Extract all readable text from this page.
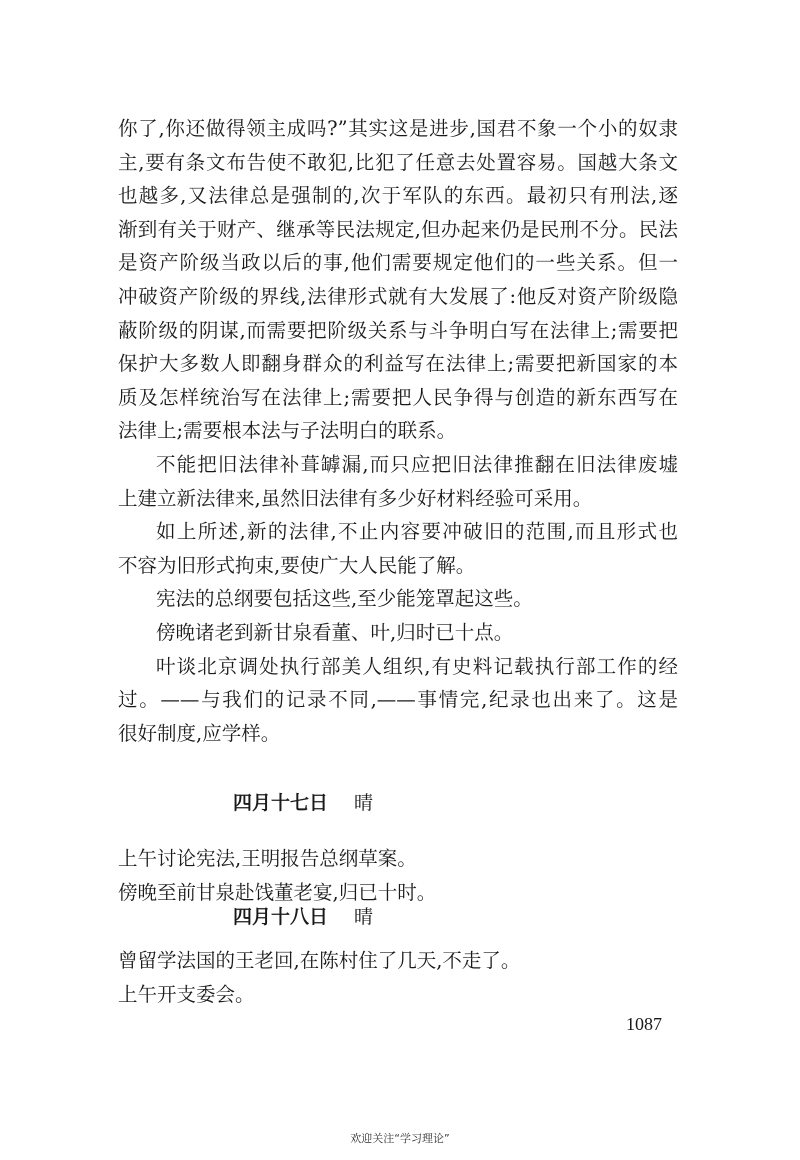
你了,你还做得领主成吗?”其实这是进步,国君不象一个小的奴隶
主,要有条文布告使不敢犯,比犯了任意去处置容易。国越大条文
也越多,又法律总是强制的,次于军队的东西。最初只有刑法,逐
渐到有关于财产、继承等民法规定,但办起来仍是民刑不分。民法
是资产阶级当政以后的事,他们需要规定他们的一些关系。但一
冲破资产阶级的界线,法律形式就有大发展了:他反对资产阶级隐
蔽阶级的阴谋,而需要把阶级关系与斗争明白写在法律上;需要把
保护大多数人即翻身群众的利益写在法律上;需要把新国家的本
质及怎样统治写在法律上;需要把人民争得与创造的新东西写在
法律上;需要根本法与子法明白的联系。
不能把旧法律补葺罅漏,而只应把旧法律推翻在旧法律废墟
上建立新法律来,虽然旧法律有多少好材料经验可采用。
如上所述,新的法律,不止内容要冲破旧的范围,而且形式也
不容为旧形式拘束,要使广大人民能了解。
宪法的总纲要包括这些,至少能笼罩起这些。
傍晚诸老到新甘泉看董、叶,归时已十点。
叶谈北京调处执行部美人组织,有史料记载执行部工作的经
过。——与我们的记录不同,——事情完,纪录也出来了。这是
很好制度,应学样。
四月十七日 晴
上午讨论宪法,王明报告总纲草案。
傍晚至前甘泉赴饯董老宴,归已十时。
四月十八日 晴
曾留学法国的王老回,在陈村住了几天,不走了。
上午开支委会。
1087
欢迎关注“学习理论”
